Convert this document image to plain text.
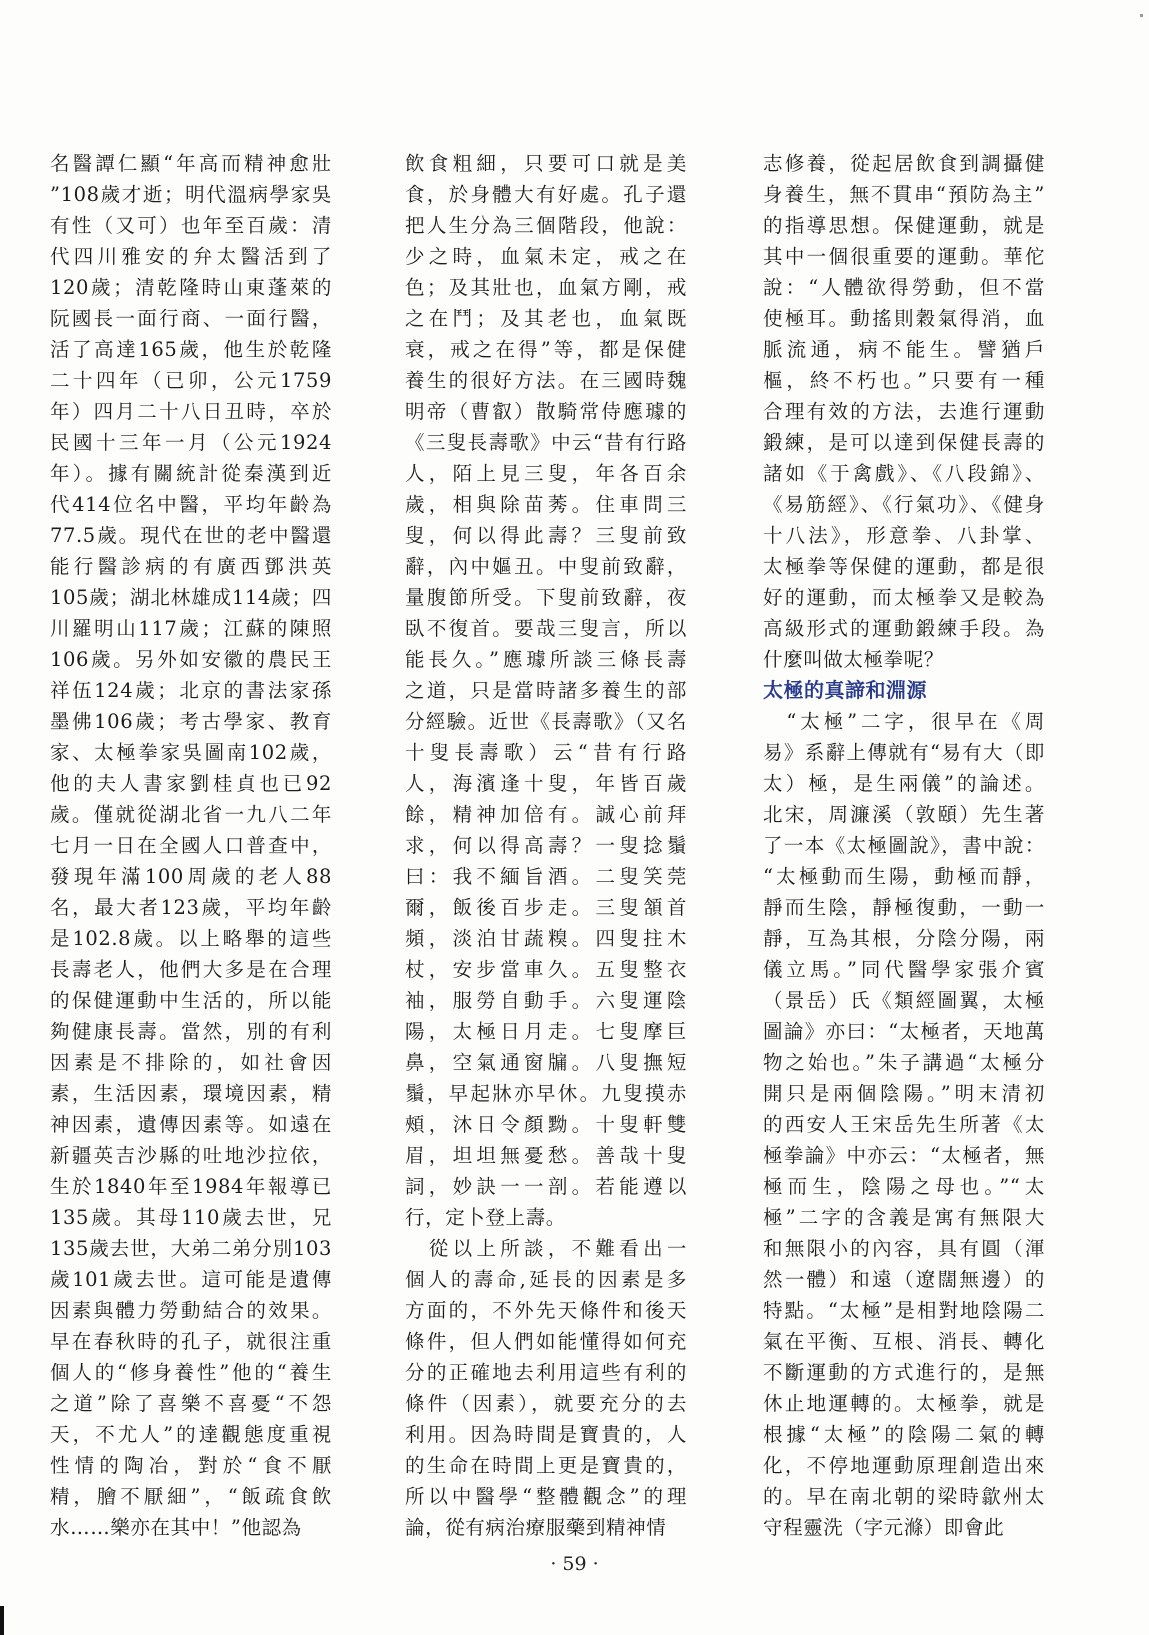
名醫譚仁顯“年高而精神愈壯
”108歲才逝；明代溫病學家吳
有性（又可）也年至百歲：清
代四川雅安的弁太醫活到了
120歲；清乾隆時山東蓬萊的
阮國長一面行商、一面行醫，
活了高達165歲，他生於乾隆
二十四年（已卯，公元1759
年）四月二十八日丑時，卒於
民國十三年一月（公元1924
年）。據有關統計從秦漢到近
代414位名中醫，平均年齡為
77.5歲。現代在世的老中醫還
能行醫診病的有廣西鄧洪英
105歲；湖北林雄成114歲；四
川羅明山117歲；江蘇的陳照
106歲。另外如安徽的農民王
祥伍124歲；北京的書法家孫
墨佛106歲；考古學家、教育
家、太極拳家吳圖南102歲，
他的夫人書家劉桂貞也已92
歲。僅就從湖北省一九八二年
七月一日在全國人口普查中，
發現年滿100周歲的老人88
名，最大者123歲，平均年齡
是102.8歲。以上略舉的這些
長壽老人，他們大多是在合理
的保健運動中生活的，所以能
夠健康長壽。當然，別的有利
因素是不排除的，如社會因
素，生活因素，環境因素，精
神因素，遺傳因素等。如遠在
新疆英吉沙縣的吐地沙拉依，
生於1840年至1984年報導已
135歲。其母110歲去世，兄
135歲去世，大弟二弟分別103
歲101歲去世。這可能是遺傳
因素與體力勞動結合的效果。
早在春秋時的孔子，就很注重
個人的“修身養性”他的“養生
之道”除了喜樂不喜憂“不怨
天，不尤人”的達觀態度重視
性情的陶冶，對於“食不厭
精，膾不厭細”，“飯疏食飲
水……樂亦在其中！”他認為
飲食粗細，只要可口就是美
食，於身體大有好處。孔子還
把人生分為三個階段，他說：
少之時，血氣未定，戒之在
色；及其壯也，血氣方剛，戒
之在鬥；及其老也，血氣既
衰，戒之在得”等，都是保健
養生的很好方法。在三國時魏
明帝（曹叡）散騎常侍應璩的
《三叟長壽歌》中云“昔有行路
人，陌上見三叟，年各百余
歲，相與除苗莠。住車問三
叟，何以得此壽？三叟前致
辭，內中嫗丑。中叟前致辭，
量腹節所受。下叟前致辭，夜
臥不復首。要哉三叟言，所以
能長久。”應璩所談三條長壽
之道，只是當時諸多養生的部
分經驗。近世《長壽歌》（又名
十叟長壽歌）云“昔有行路
人，海濱逢十叟，年皆百歲
餘，精神加倍有。誠心前拜
求，何以得高壽？一叟捻鬚
曰：我不緬旨酒。二叟笑莞
爾，飯後百步走。三叟頷首
頻，淡泊甘蔬糗。四叟拄木
杖，安步當車久。五叟整衣
袖，服勞自動手。六叟運陰
陽，太極日月走。七叟摩巨
鼻，空氣通窗牖。八叟撫短
鬚，早起牀亦早休。九叟摸赤
頰，沐日令顏黝。十叟軒雙
眉，坦坦無憂愁。善哉十叟
詞，妙訣一一剖。若能遵以
行，定卜登上壽。
　從以上所談，不難看出一
個人的壽命,延長的因素是多
方面的，不外先天條件和後天
條件，但人們如能懂得如何充
分的正確地去利用這些有利的
條件（因素），就要充分的去
利用。因為時間是寶貴的，人
的生命在時間上更是寶貴的，
所以中醫學“整體觀念”的理
論，從有病治療服藥到精神情
志修養，從起居飲食到調攝健
身養生，無不貫串“預防為主”
的指導思想。保健運動，就是
其中一個很重要的運動。華佗
說：“人體欲得勞動，但不當
使極耳。動搖則穀氣得消，血
脈流通，病不能生。譬猶戶
樞，終不朽也。”只要有一種
合理有效的方法，去進行運動
鍛練，是可以達到保健長壽的
諸如《于禽戲》、《八段錦》、
《易筋經》、《行氣功》、《健身
十八法》，形意拳、八卦掌、
太極拳等保健的運動，都是很
好的運動，而太極拳又是較為
高級形式的運動鍛練手段。為
什麼叫做太極拳呢？
太極的真諦和淵源
　“太極”二字，很早在《周
易》系辭上傳就有“易有大（即
太）極，是生兩儀”的論述。
北宋，周濂溪（敦頤）先生著
了一本《太極圖說》，書中說：
“太極動而生陽，動極而靜，
靜而生陰，靜極復動，一動一
靜，互為其根，分陰分陽，兩
儀立馬。”同代醫學家張介賓
（景岳）氏《類經圖翼，太極
圖論》亦曰：“太極者，天地萬
物之始也。”朱子講過“太極分
開只是兩個陰陽。”明末清初
的西安人王宋岳先生所著《太
極拳論》中亦云：“太極者，無
極而生，陰陽之母也。”“太
極”二字的含義是寓有無限大
和無限小的內容，具有圓（渾
然一體）和遠（遼闊無邊）的
特點。“太極”是相對地陰陽二
氣在平衡、互根、消長、轉化
不斷運動的方式進行的，是無
休止地運轉的。太極拳，就是
根據“太極”的陰陽二氣的轉
化，不停地運動原理創造出來
的。早在南北朝的梁時歙州太
守程靈洗（字元滌）即會此
· 59 ·
